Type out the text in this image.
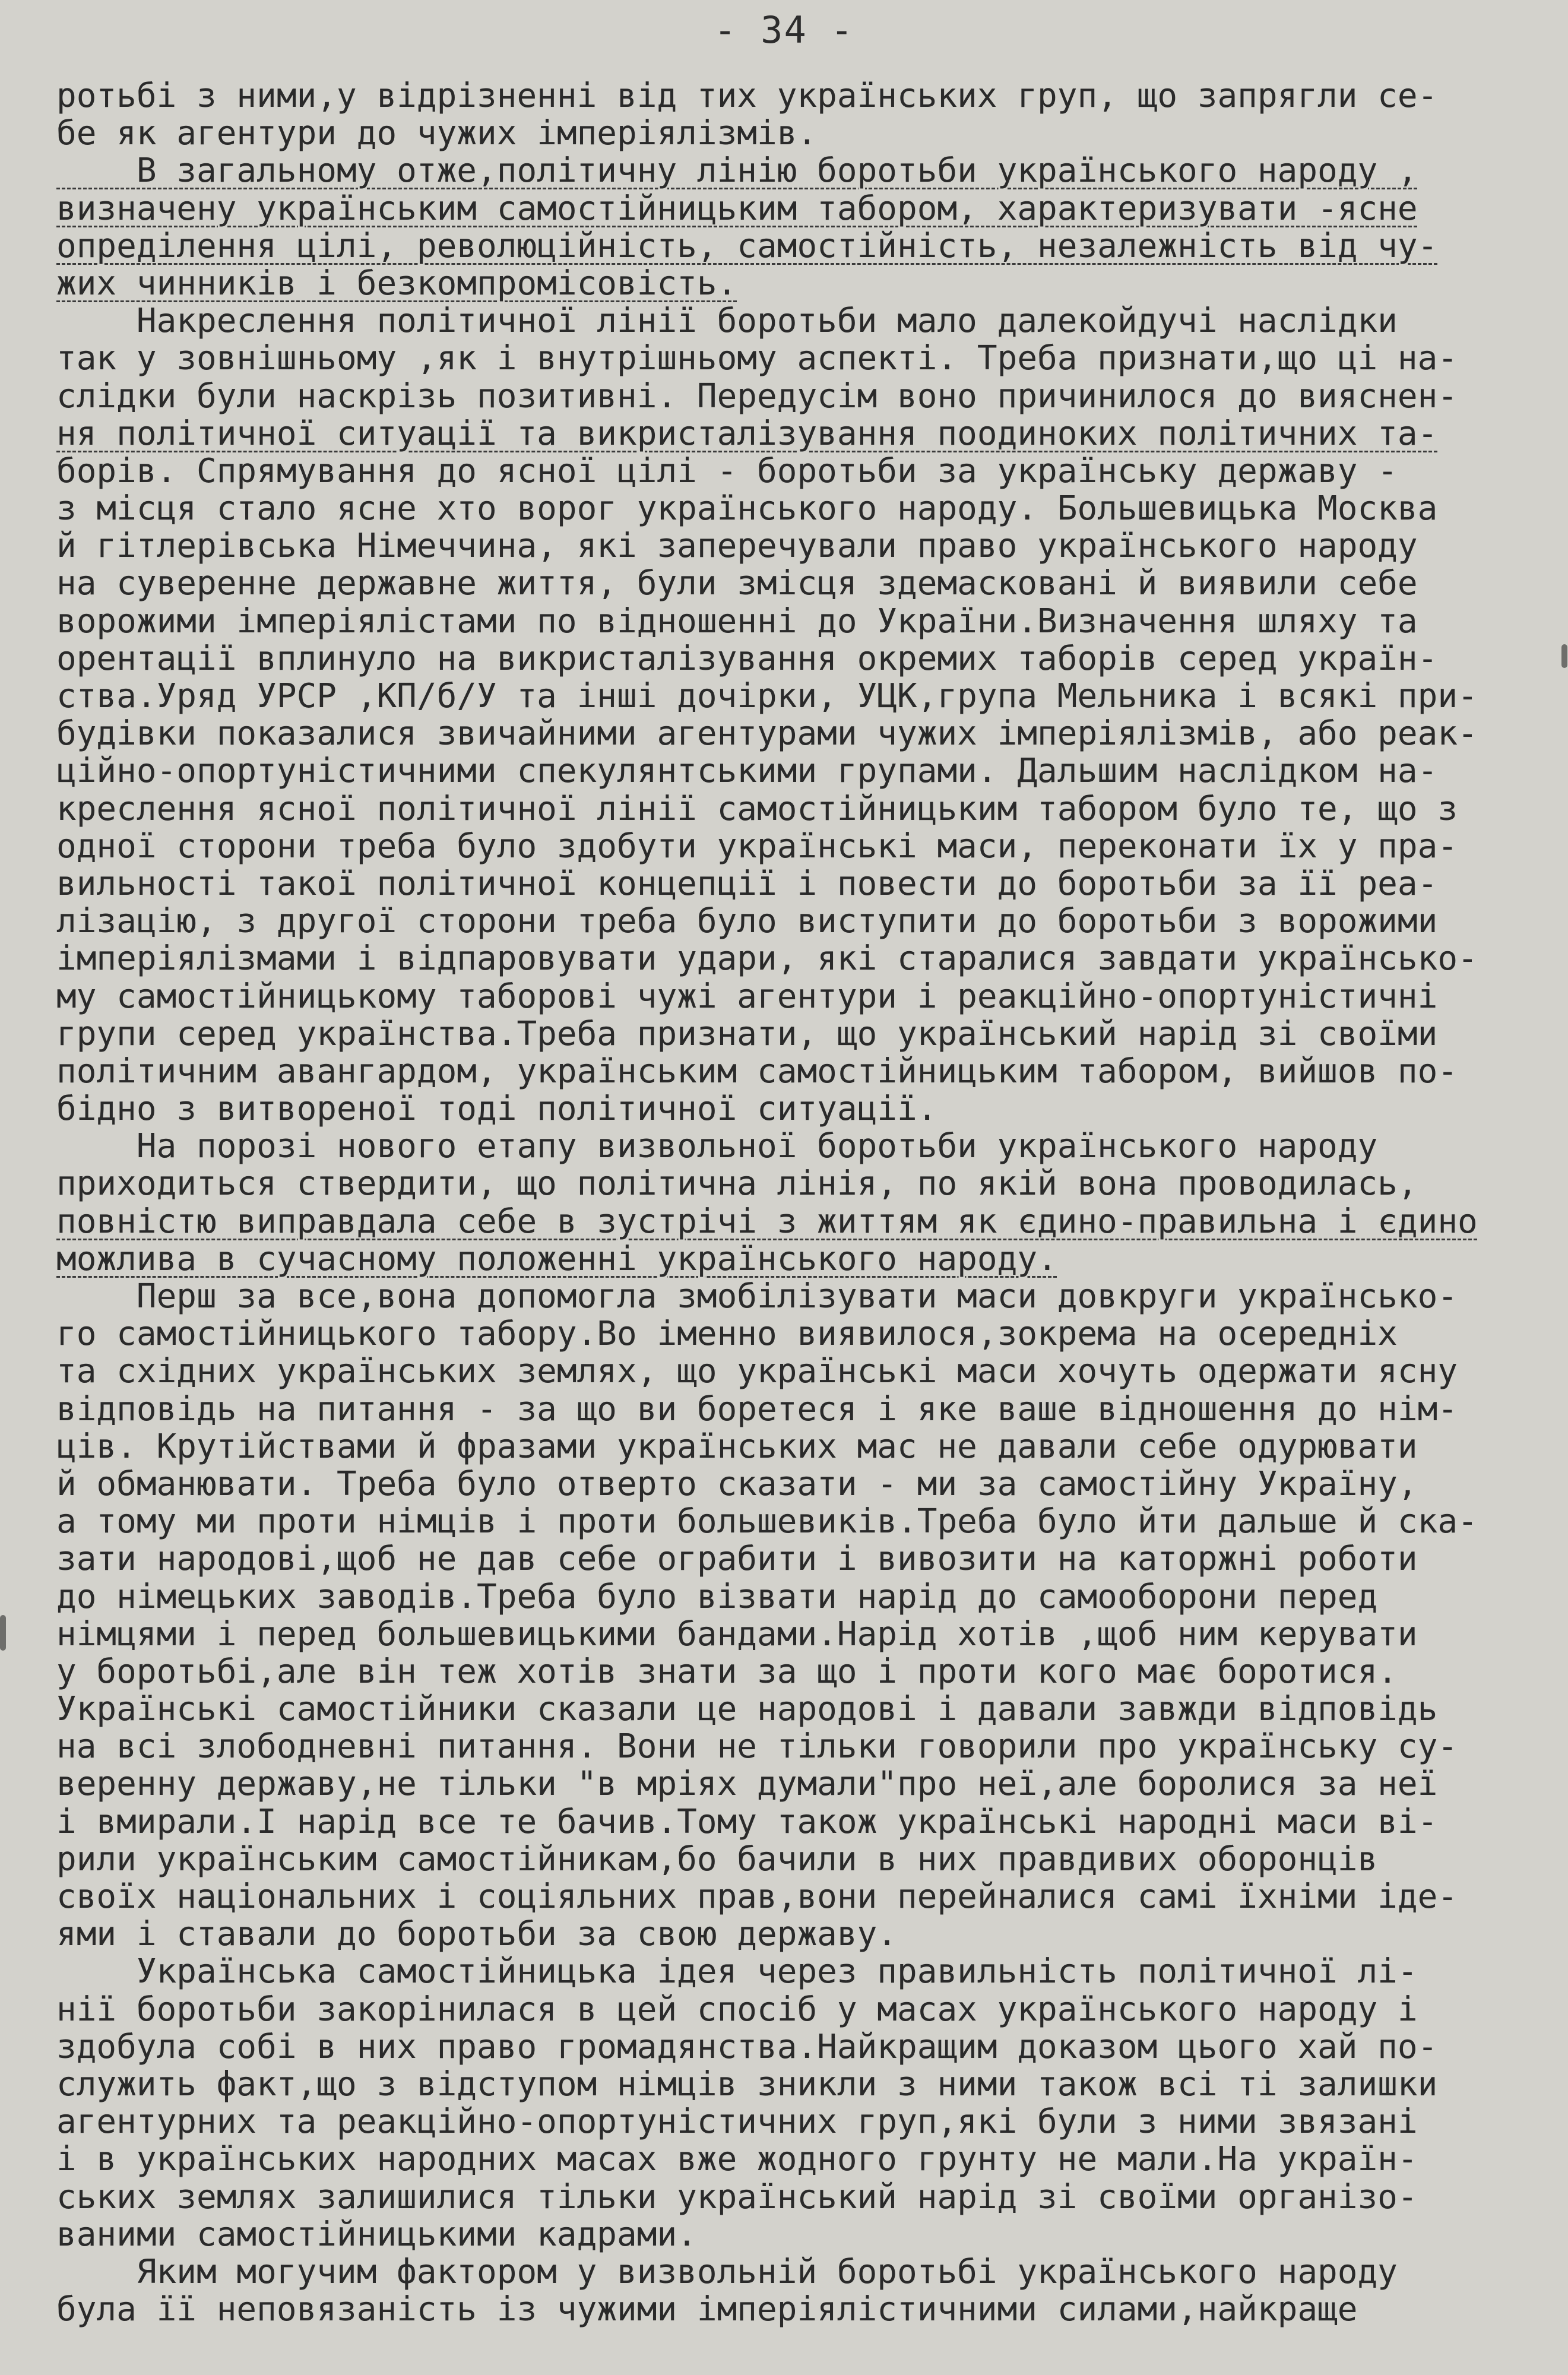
- 34 -
ротьбі з ними,у відрізненні від тих українських груп, що запрягли се-
бе як агентури до чужих імперіялізмів.
В загальному отже,політичну лінію боротьби українського народу ,
визначену українським самостійницьким табором, характеризувати -ясне
опреділення цілі, революційність, самостійність, незалежність від чу-
жих чинників і безкомпромісовість.
Накреслення політичної лінії боротьби мало далекойдучі наслідки
так у зовнішньому ,як і внутрішньому аспекті. Треба признати,що ці на-
слідки були наскрізь позитивні. Передусім воно причинилося до вияснен-
ня політичної ситуації та викристалізування поодиноких політичних та-
борів. Спрямування до ясної цілі - боротьби за українську державу -
з місця стало ясне хто ворог українського народу. Большевицька Москва
й гітлерівська Німеччина, які заперечували право українського народу
на суверенне державне життя, були змісця здемасковані й виявили себе
ворожими імперіялістами по відношенні до України.Визначення шляху та
орентації вплинуло на викристалізування окремих таборів серед україн-
ства.Уряд УРСР ,КП/б/У та інші дочірки, УЦК,група Мельника і всякі при-
будівки показалися звичайними агентурами чужих імперіялізмів, або реак-
ційно-опортуністичними спекулянтськими групами. Дальшим наслідком на-
креслення ясної політичної лінії самостійницьким табором було те, що з
одної сторони треба було здобути українські маси, переконати їх у пра-
вильності такої політичної концепції і повести до боротьби за її реа-
лізацію, з другої сторони треба було виступити до боротьби з ворожими
імперіялізмами і відпаровувати удари, які старалися завдати українсько-
му самостійницькому таборові чужі агентури і реакційно-опортуністичні
групи серед українства.Треба признати, що український нарід зі своїми
політичним авангардом, українським самостійницьким табором, вийшов по-
бідно з витвореної тоді політичної ситуації.
На порозі нового етапу визвольної боротьби українського народу
приходиться ствердити, що політична лінія, по якій вона проводилась,
повністю виправдала себе в зустрічі з життям як єдино-правильна і єдино
можлива в сучасному положенні українського народу.
Перш за все,вона допомогла змобілізувати маси довкруги українсько-
го самостійницького табору.Во іменно виявилося,зокрема на осередніх
та східних українських землях, що українські маси хочуть одержати ясну
відповідь на питання - за що ви боретеся і яке ваше відношення до нім-
ців. Крутійствами й фразами українських мас не давали себе одурювати
й обманювати. Треба було отверто сказати - ми за самостійну Україну,
а тому ми проти німців і проти большевиків.Треба було йти дальше й ска-
зати народові,щоб не дав себе ограбити і вивозити на каторжні роботи
до німецьких заводів.Треба було візвати нарід до самооборони перед
німцями і перед большевицькими бандами.Нарід хотів ,щоб ним керувати
у боротьбі,але він теж хотів знати за що і проти кого має боротися.
Українські самостійники сказали це народові і давали завжди відповідь
на всі злободневні питання. Вони не тільки говорили про українську су-
веренну державу,не тільки "в мріях думали"про неї,але боролися за неї
і вмирали.І нарід все те бачив.Тому також українські народні маси ві-
рили українським самостійникам,бо бачили в них правдивих оборонців
своїх національних і соціяльних прав,вони перейналися самі їхніми іде-
ями і ставали до боротьби за свою державу.
Українська самостійницька ідея через правильність політичної лі-
нії боротьби закорінилася в цей спосіб у масах українського народу і
здобула собі в них право громадянства.Найкращим доказом цього хай по-
служить факт,що з відступом німців зникли з ними також всі ті залишки
агентурних та реакційно-опортуністичних груп,які були з ними звязані
і в українських народних масах вже жодного грунту не мали.На україн-
ських землях залишилися тільки український нарід зі своїми організо-
ваними самостійницькими кадрами.
Яким могучим фактором у визвольній боротьбі українського народу
була її неповязаність із чужими імперіялістичними силами,найкраще
